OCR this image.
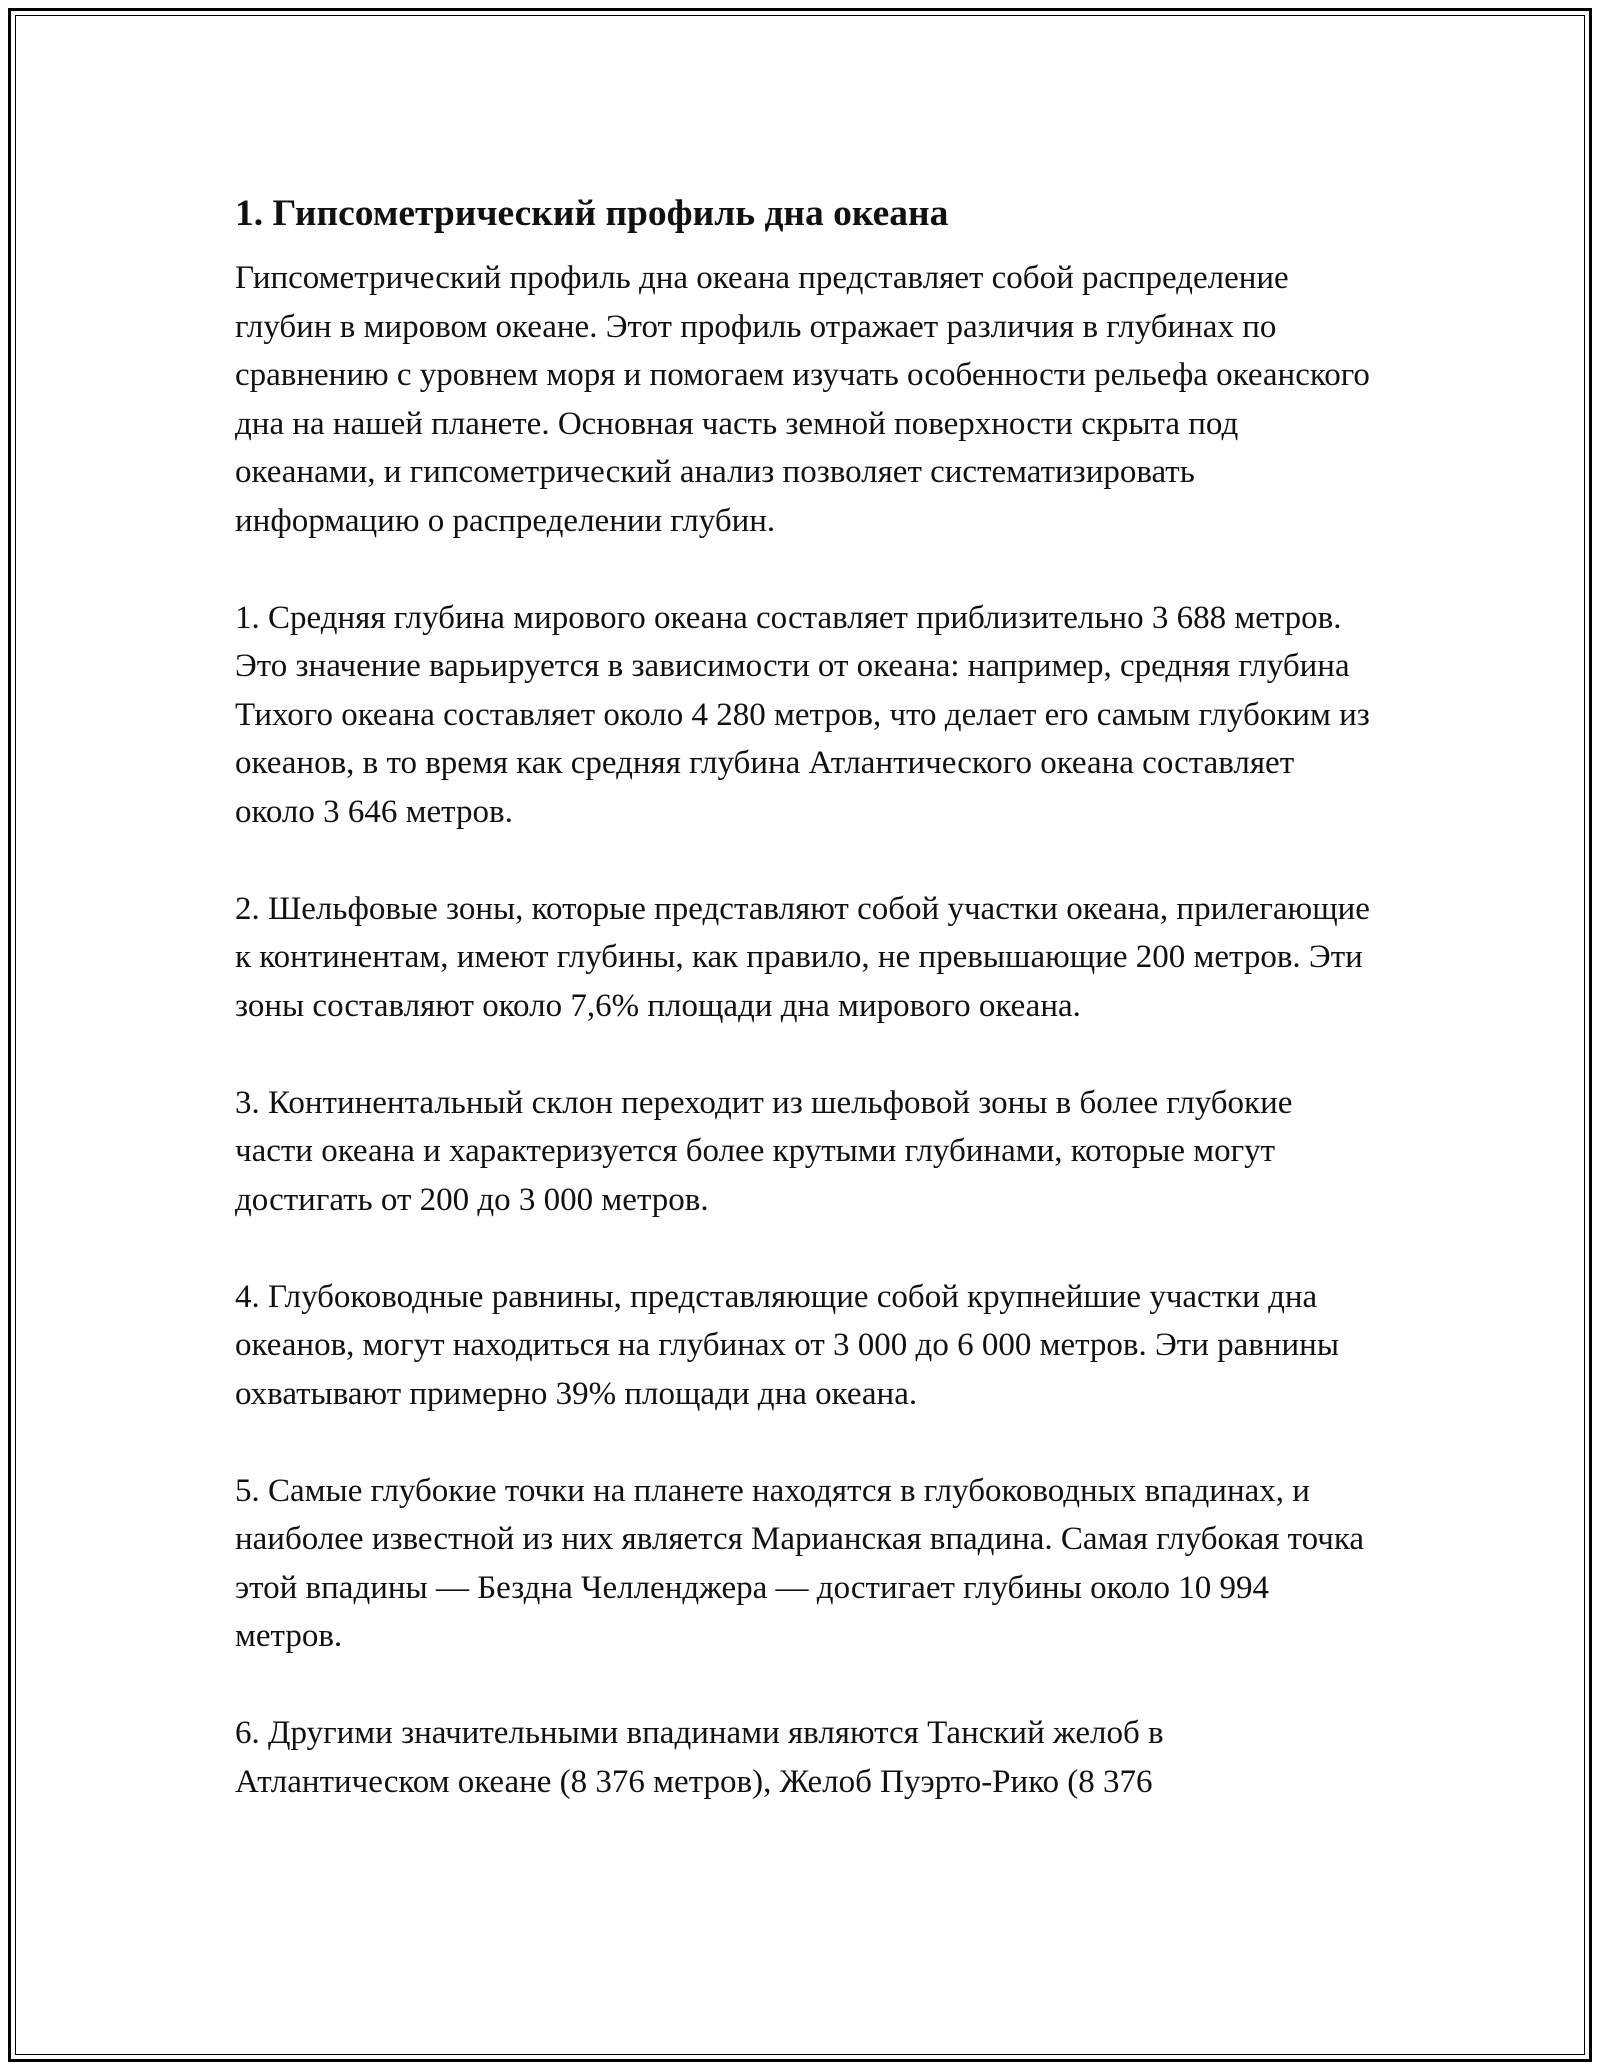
1. Гипсометрический профиль дна океана

Гипсометрический профиль дна океана представляет собой распределение глубин в мировом океане. Этот профиль отражает различия в глубинах по сравнению с уровнем моря и помогаем изучать особенности рельефа океанского дна на нашей планете. Основная часть земной поверхности скрыта под океанами, и гипсометрический анализ позволяет систематизировать информацию о распределении глубин.

1. Средняя глубина мирового океана составляет приблизительно 3 688 метров. Это значение варьируется в зависимости от океана: например, средняя глубина Тихого океана составляет около 4 280 метров, что делает его самым глубоким из океанов, в то время как средняя глубина Атлантического океана составляет около 3 646 метров.

2. Шельфовые зоны, которые представляют собой участки океана, прилегающие к континентам, имеют глубины, как правило, не превышающие 200 метров. Эти зоны составляют около 7,6% площади дна мирового океана.

3. Континентальный склон переходит из шельфовой зоны в более глубокие части океана и характеризуется более крутыми глубинами, которые могут достигать от 200 до 3 000 метров.

4. Глубоководные равнины, представляющие собой крупнейшие участки дна океанов, могут находиться на глубинах от 3 000 до 6 000 метров. Эти равнины охватывают примерно 39% площади дна океана.

5. Самые глубокие точки на планете находятся в глубоководных впадинах, и наиболее известной из них является Марианская впадина. Самая глубокая точка этой впадины — Бездна Челленджера — достигает глубины около 10 994 метров.

6. Другими значительными впадинами являются Танский желоб в Атлантическом океане (8 376 метров), Желоб Пуэрто-Рико (8 376
